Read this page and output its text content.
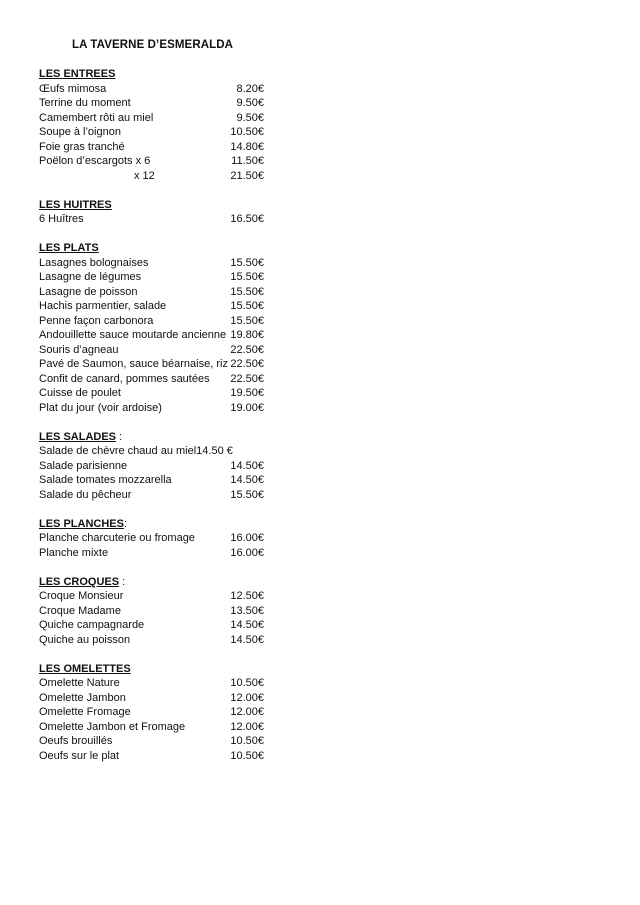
LA TAVERNE D’ESMERALDA
LES ENTREES
Œufs mimosa	8.20€
Terrine du moment	9.50€
Camembert rôti au miel	9.50€
Soupe à l’oignon	10.50€
Foie gras tranché	14.80€
Poëlon d’escargots x 6	11.50€
x 12	21.50€
LES HUITRES
6 Huîtres	16.50€
LES PLATS
Lasagnes bolognaises	15.50€
Lasagne de légumes	15.50€
Lasagne de poisson	15.50€
Hachis parmentier, salade	15.50€
Penne façon carbonora	15.50€
Andouillette sauce moutarde ancienne 19.80€
Souris d’agneau	22.50€
Pavé de Saumon, sauce béarnaise, riz 22.50€
Confit de canard, pommes sautées 22.50€
Cuisse de poulet	19.50€
Plat du jour (voir ardoise)	19.00€
LES SALADES :
Salade de chèvre chaud au miel14.50 €
Salade parisienne	14.50€
Salade tomates mozzarella	14.50€
Salade du pêcheur	15.50€
LES PLANCHES:
Planche charcuterie ou fromage	16.00€
Planche mixte	16.00€
LES CROQUES :
Croque Monsieur	12.50€
Croque Madame	13.50€
Quiche campagnarde	14.50€
Quiche au poisson	14.50€
LES OMELETTES
Omelette Nature	10.50€
Omelette Jambon	12.00€
Omelette Fromage	12.00€
Omelette Jambon et Fromage	12.00€
Oeufs brouillés	10.50€
Oeufs sur le plat	10.50€
